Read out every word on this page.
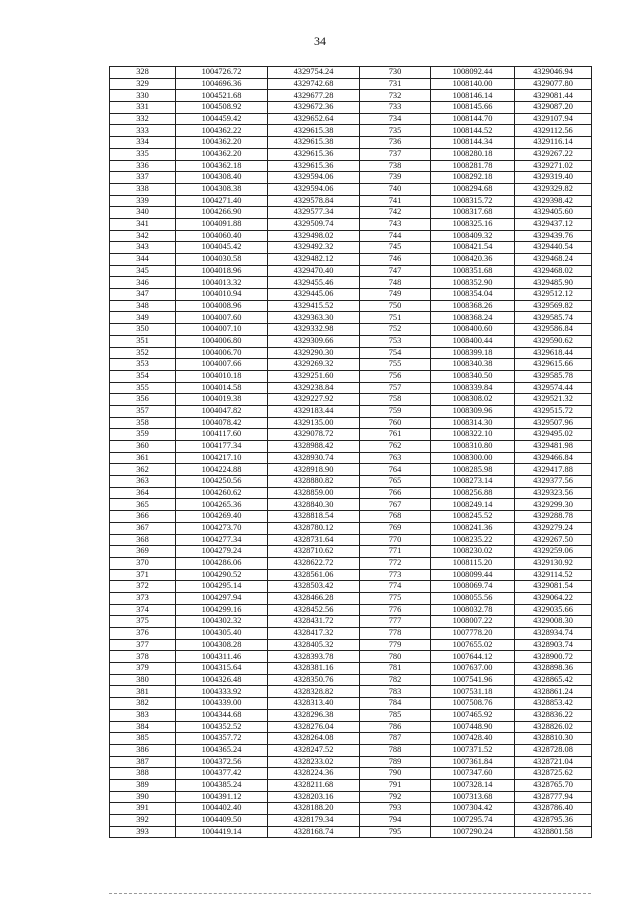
34
328	1004726.72	4329754.24	730	1008092.44	4329046.94
329	1004696.36	4329742.68	731	1008140.00	4329077.80
330	1004521.68	4329677.28	732	1008146.14	4329081.44
331	1004508.92	4329672.36	733	1008145.66	4329087.20
332	1004459.42	4329652.64	734	1008144.70	4329107.94
333	1004362.22	4329615.38	735	1008144.52	4329112.56
334	1004362.20	4329615.38	736	1008144.34	4329116.14
335	1004362.20	4329615.36	737	1008280.18	4329267.22
336	1004362.18	4329615.36	738	1008281.78	4329271.02
337	1004308.40	4329594.06	739	1008292.18	4329319.40
338	1004308.38	4329594.06	740	1008294.68	4329329.82
339	1004271.40	4329578.84	741	1008315.72	4329398.42
340	1004266.90	4329577.34	742	1008317.68	4329405.60
341	1004091.88	4329509.74	743	1008325.16	4329437.12
342	1004060.40	4329498.02	744	1008409.32	4329439.76
343	1004045.42	4329492.32	745	1008421.54	4329440.54
344	1004030.58	4329482.12	746	1008420.36	4329468.24
345	1004018.96	4329470.40	747	1008351.68	4329468.02
346	1004013.32	4329455.46	748	1008352.90	4329485.90
347	1004010.94	4329445.06	749	1008354.04	4329512.12
348	1004008.96	4329415.52	750	1008368.26	4329569.82
349	1004007.60	4329363.30	751	1008368.24	4329585.74
350	1004007.10	4329332.98	752	1008400.60	4329586.84
351	1004006.80	4329309.66	753	1008400.44	4329590.62
352	1004006.70	4329290.30	754	1008399.18	4329618.44
353	1004007.66	4329269.32	755	1008340.38	4329615.66
354	1004010.18	4329251.60	756	1008340.50	4329585.78
355	1004014.58	4329238.84	757	1008339.84	4329574.44
356	1004019.38	4329227.92	758	1008308.02	4329521.32
357	1004047.82	4329183.44	759	1008309.96	4329515.72
358	1004078.42	4329135.00	760	1008314.30	4329507.96
359	1004117.60	4329078.72	761	1008322.10	4329495.02
360	1004177.34	4328988.42	762	1008310.80	4329481.98
361	1004217.10	4328930.74	763	1008300.00	4329466.84
362	1004224.88	4328918.90	764	1008285.98	4329417.88
363	1004250.56	4328880.82	765	1008273.14	4329377.56
364	1004260.62	4328859.00	766	1008256.88	4329323.56
365	1004265.36	4328840.30	767	1008249.14	4329299.30
366	1004269.40	4328818.54	768	1008245.52	4329288.78
367	1004273.70	4328780.12	769	1008241.36	4329279.24
368	1004277.34	4328731.64	770	1008235.22	4329267.50
369	1004279.24	4328710.62	771	1008230.02	4329259.06
370	1004286.06	4328622.72	772	1008115.20	4329130.92
371	1004290.52	4328561.06	773	1008099.44	4329114.52
372	1004295.14	4328503.42	774	1008069.74	4329081.54
373	1004297.94	4328466.28	775	1008055.56	4329064.22
374	1004299.16	4328452.56	776	1008032.78	4329035.66
375	1004302.32	4328431.72	777	1008007.22	4329008.30
376	1004305.40	4328417.32	778	1007778.20	4328934.74
377	1004308.28	4328405.32	779	1007655.02	4328903.74
378	1004311.46	4328393.78	780	1007644.12	4328900.72
379	1004315.64	4328381.16	781	1007637.00	4328898.36
380	1004326.48	4328350.76	782	1007541.96	4328865.42
381	1004333.92	4328328.82	783	1007531.18	4328861.24
382	1004339.00	4328313.40	784	1007508.76	4328853.42
383	1004344.68	4328296.38	785	1007465.92	4328836.22
384	1004352.52	4328276.04	786	1007448.90	4328826.02
385	1004357.72	4328264.08	787	1007428.40	4328810.30
386	1004365.24	4328247.52	788	1007371.52	4328728.08
387	1004372.56	4328233.02	789	1007361.84	4328721.04
388	1004377.42	4328224.36	790	1007347.60	4328725.62
389	1004385.24	4328211.68	791	1007328.14	4328765.70
390	1004391.12	4328203.16	792	1007313.68	4328777.94
391	1004402.40	4328188.20	793	1007304.42	4328786.40
392	1004409.50	4328179.34	794	1007295.74	4328795.36
393	1004419.14	4328168.74	795	1007290.24	4328801.58
